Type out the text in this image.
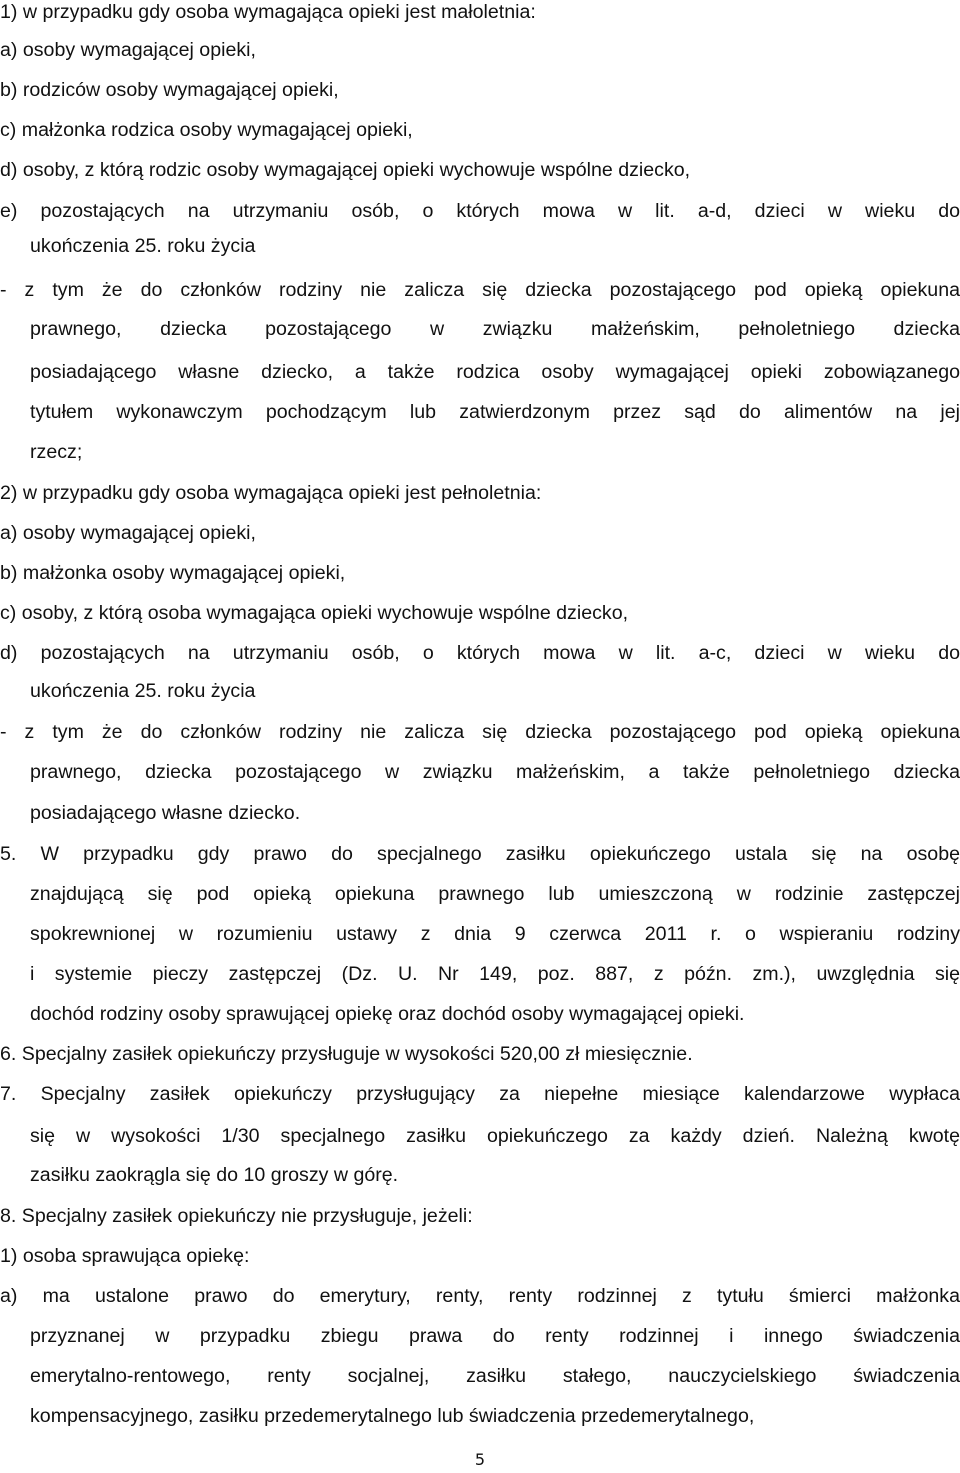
1) w przypadku gdy osoba wymagająca opieki jest małoletnia:
a) osoby wymagającej opieki,
b) rodziców osoby wymagającej opieki,
c) małżonka rodzica osoby wymagającej opieki,
d) osoby, z którą rodzic osoby wymagającej opieki wychowuje wspólne dziecko,
e) pozostających na utrzymaniu osób, o których mowa w lit. a-d, dzieci w wieku do
ukończenia 25. roku życia
- z tym że do członków rodziny nie zalicza się dziecka pozostającego pod opieką opiekuna
prawnego, dziecka pozostającego w związku małżeńskim, pełnoletniego dziecka
posiadającego własne dziecko, a także rodzica osoby wymagającej opieki zobowiązanego
tytułem wykonawczym pochodzącym lub zatwierdzonym przez sąd do alimentów na jej
rzecz;
2) w przypadku gdy osoba wymagająca opieki jest pełnoletnia:
a) osoby wymagającej opieki,
b) małżonka osoby wymagającej opieki,
c) osoby, z którą osoba wymagająca opieki wychowuje wspólne dziecko,
d) pozostających na utrzymaniu osób, o których mowa w lit. a-c, dzieci w wieku do
ukończenia 25. roku życia
- z tym że do członków rodziny nie zalicza się dziecka pozostającego pod opieką opiekuna
prawnego, dziecka pozostającego w związku małżeńskim, a także pełnoletniego dziecka
posiadającego własne dziecko.
5. W przypadku gdy prawo do specjalnego zasiłku opiekuńczego ustala się na osobę
znajdującą się pod opieką opiekuna prawnego lub umieszczoną w rodzinie zastępczej
spokrewnionej w rozumieniu ustawy z dnia 9 czerwca 2011 r. o wspieraniu rodziny
i systemie pieczy zastępczej (Dz. U. Nr 149, poz. 887, z późn. zm.), uwzględnia się
dochód rodziny osoby sprawującej opiekę oraz dochód osoby wymagającej opieki.
6. Specjalny zasiłek opiekuńczy przysługuje w wysokości 520,00 zł miesięcznie.
7. Specjalny zasiłek opiekuńczy przysługujący za niepełne miesiące kalendarzowe wypłaca
się w wysokości 1/30 specjalnego zasiłku opiekuńczego za każdy dzień. Należną kwotę
zasiłku zaokrągla się do 10 groszy w górę.
8. Specjalny zasiłek opiekuńczy nie przysługuje, jeżeli:
1) osoba sprawująca opiekę:
a) ma ustalone prawo do emerytury, renty, renty rodzinnej z tytułu śmierci małżonka
przyznanej w przypadku zbiegu prawa do renty rodzinnej i innego świadczenia
emerytalno-rentowego, renty socjalnej, zasiłku stałego, nauczycielskiego świadczenia
kompensacyjnego, zasiłku przedemerytalnego lub świadczenia przedemerytalnego,
5
